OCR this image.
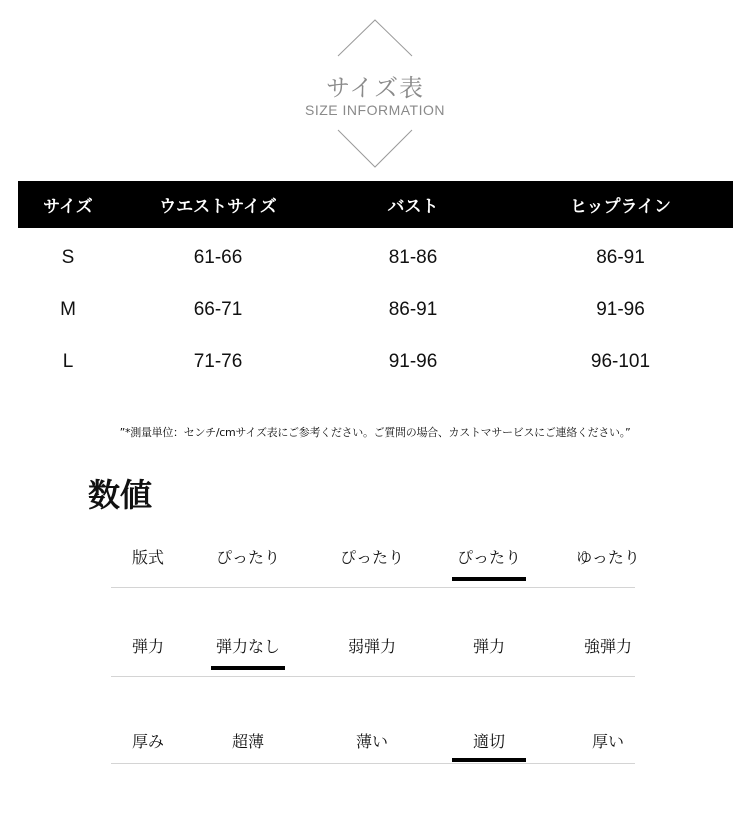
サイズ表
SIZE INFORMATION
サイズ	ウエストサイズ	バスト	ヒップライン
S	61-66	81-86	86-91
M	66-71	86-91	91-96
L	71-76	91-96	96-101
”*測量単位：センチ/cmサイズ表にご参考ください。ご質問の場合、カストマサービスにご連絡ください。”
数値
版式	ぴったり	ぴったり	ぴったり	ゆったり
弾力	弾力なし	弱弾力	弾力	強弾力
厚み	超薄	薄い	適切	厚い
